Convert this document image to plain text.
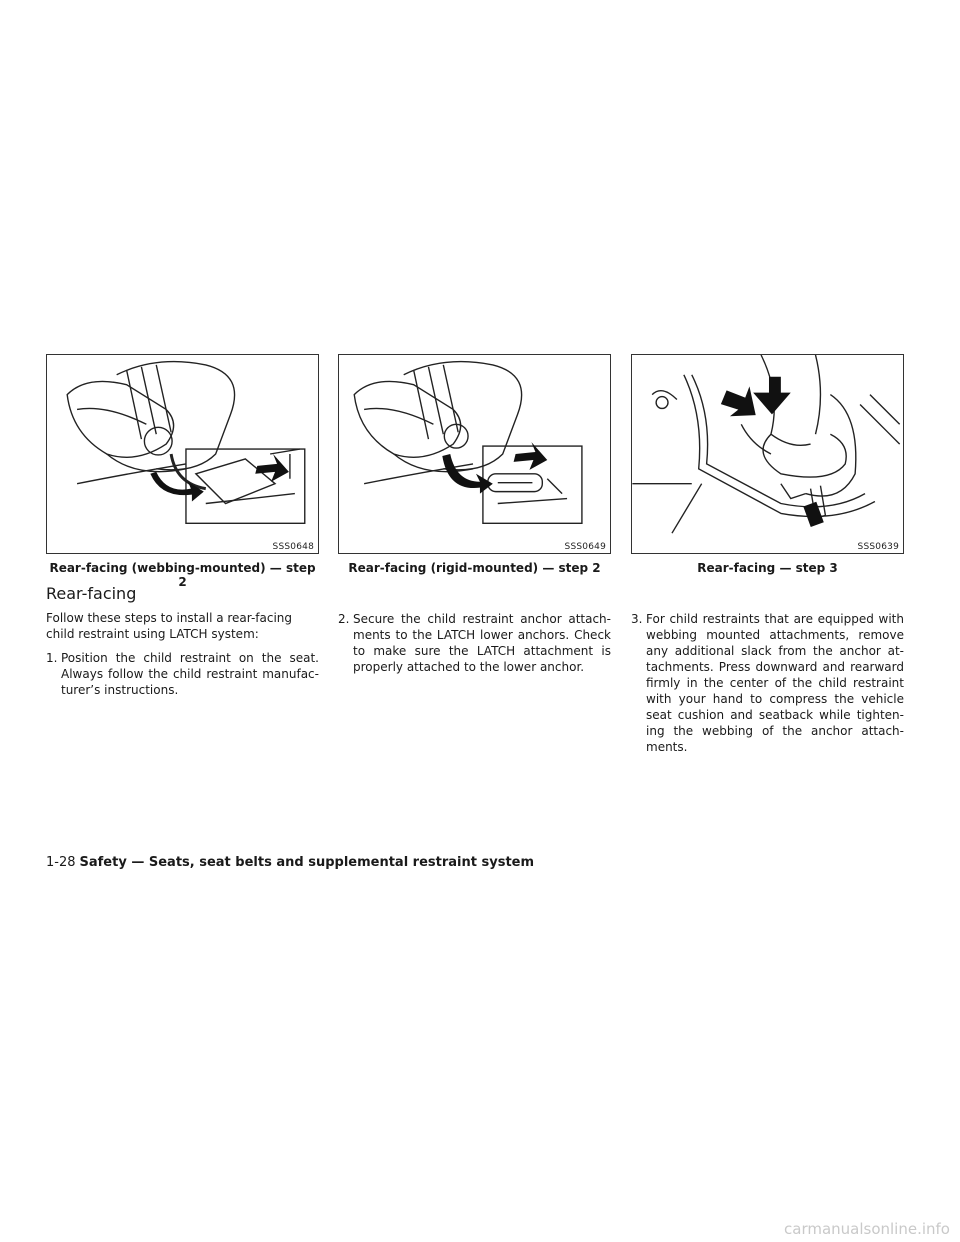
SSS0648
Rear-facing (webbing-mounted) — step 2
SSS0649
Rear-facing (rigid-mounted) — step 2
SSS0639
Rear-facing — step 3
Rear-facing

Follow these steps to install a rear-facing child restraint using LATCH system:

1. Position the child restraint on the seat. Always follow the child restraint manufac-turer’s instructions.
2. Secure the child restraint anchor attach-ments to the LATCH lower anchors. Check to make sure the LATCH attachment is properly attached to the lower anchor.
3. For child restraints that are equipped with webbing mounted attachments, remove any additional slack from the anchor at-tachments. Press downward and rearward firmly in the center of the child restraint with your hand to compress the vehicle seat cushion and seatback while tighten-ing the webbing of the anchor attach-ments.
1-28 Safety — Seats, seat belts and supplemental restraint system
carmanualsonline.info
